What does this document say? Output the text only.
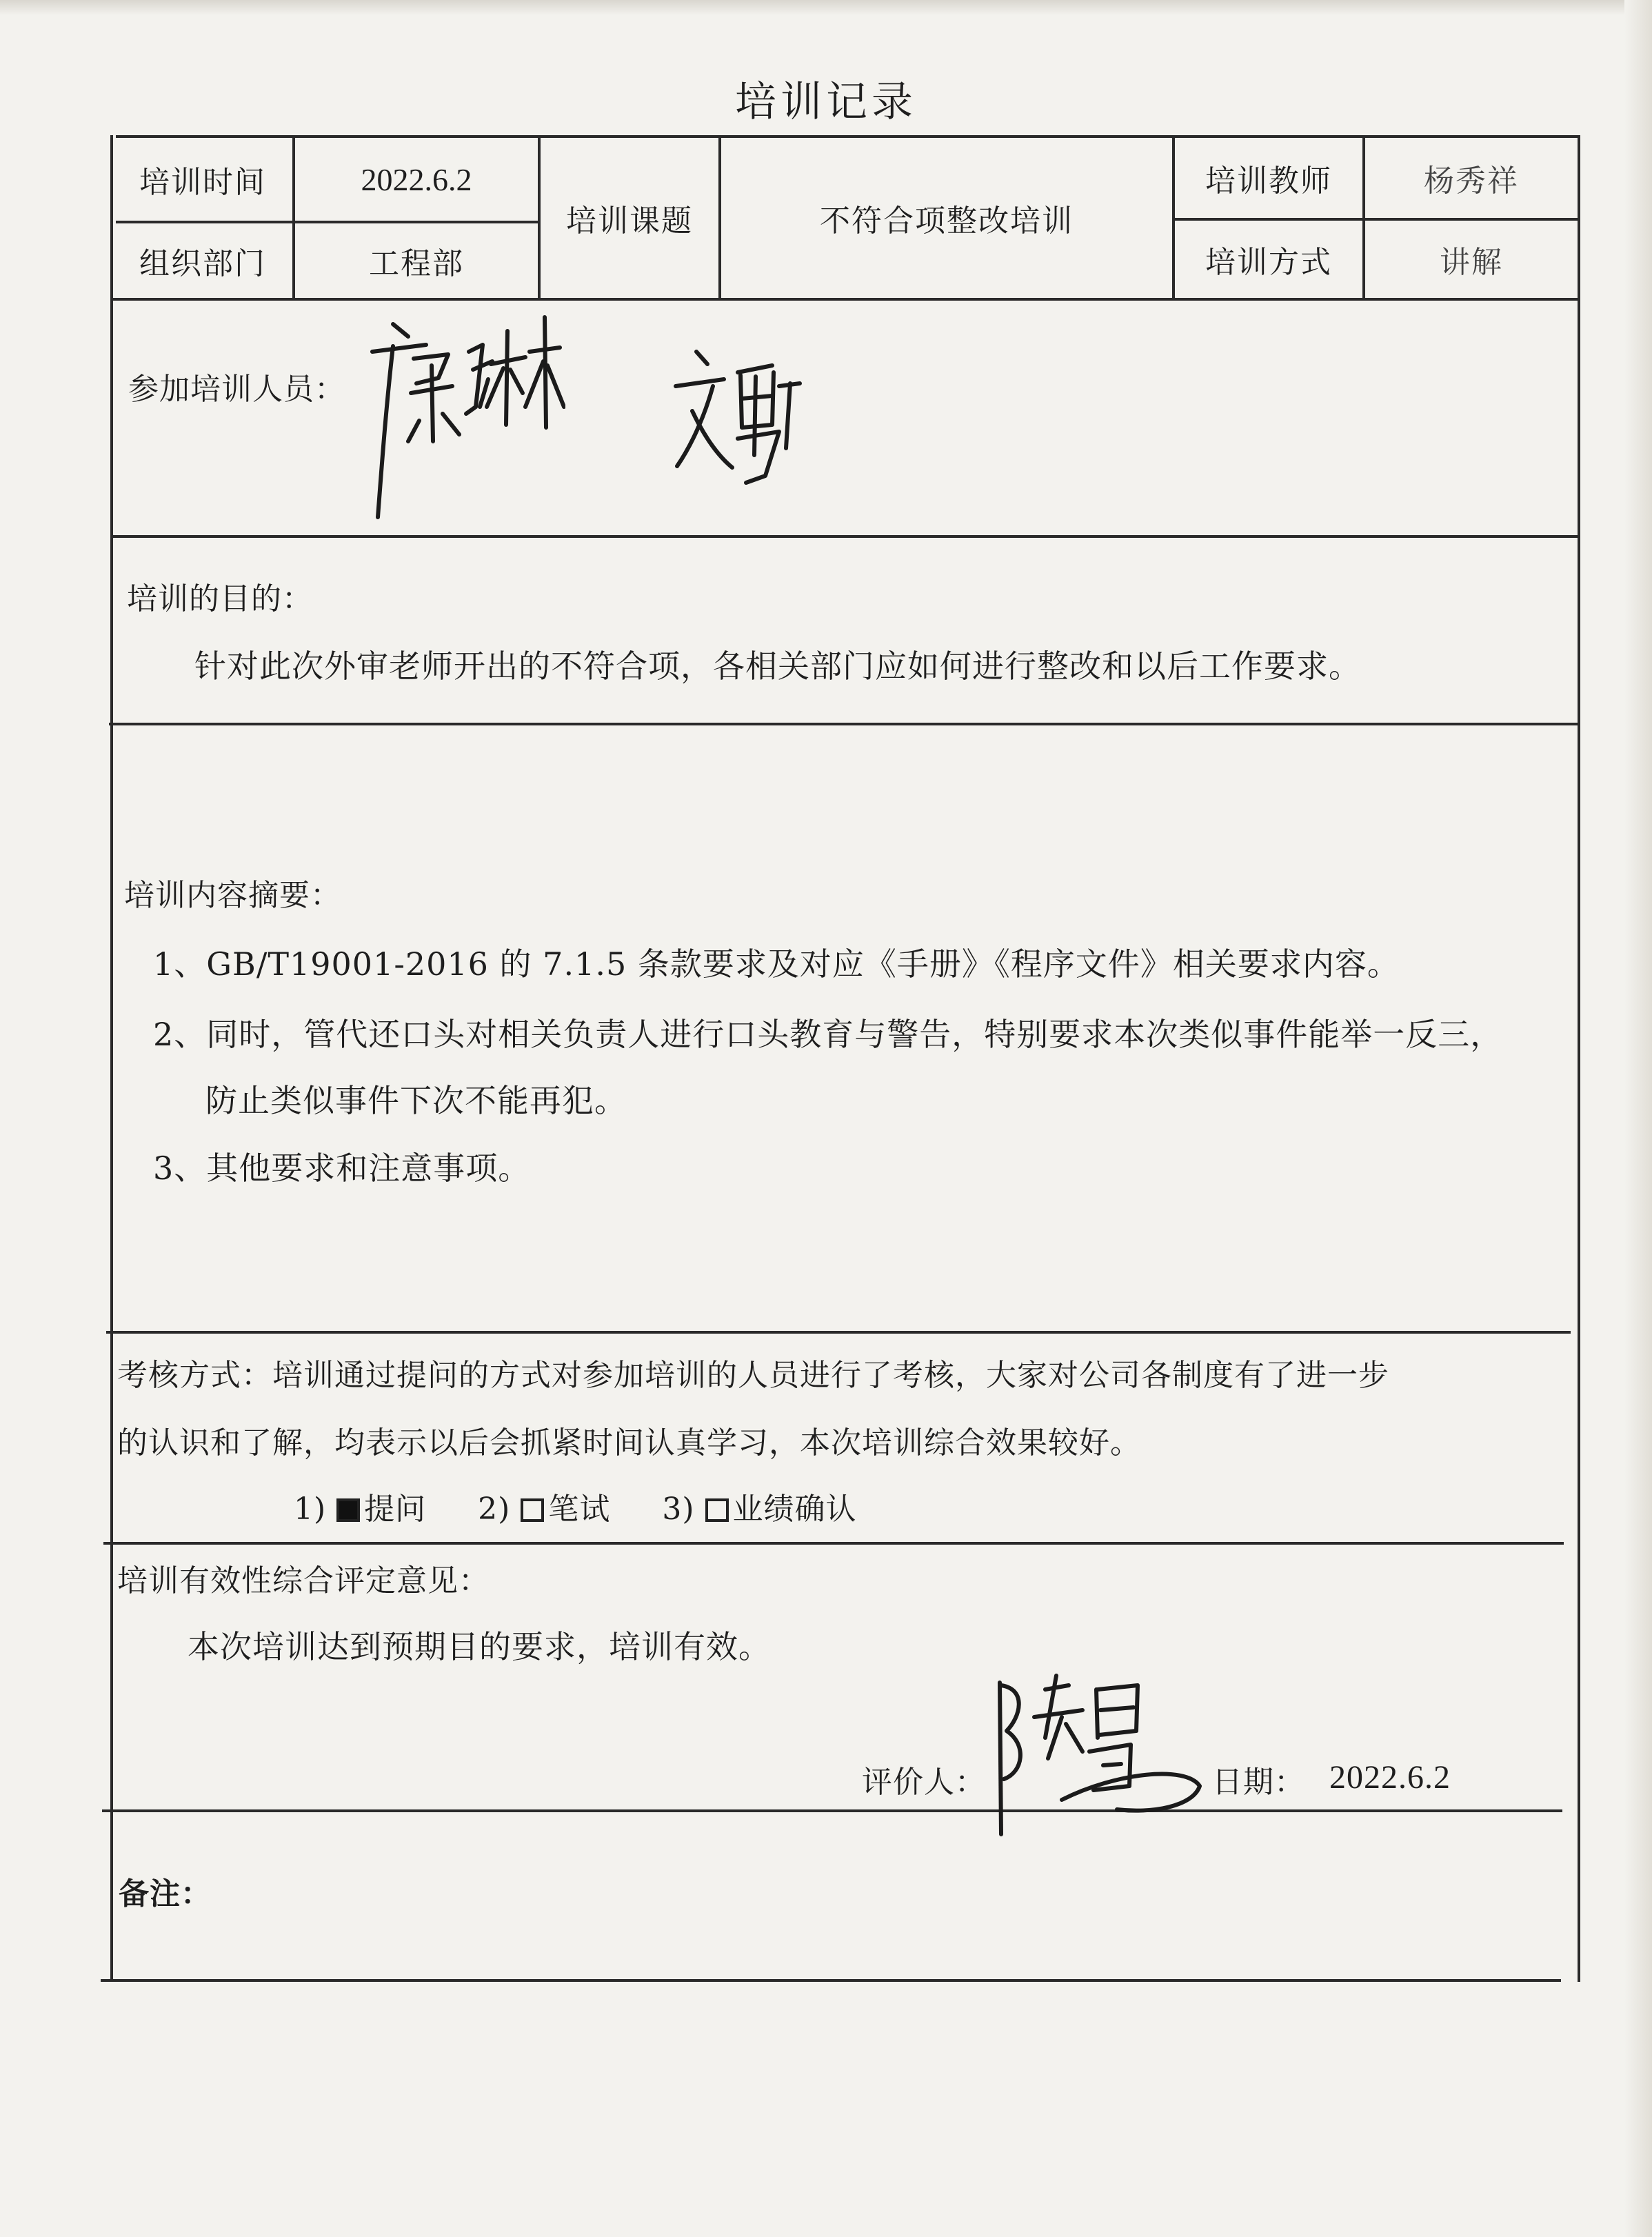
培训记录
培训时间	2022.6.2
组织部门	工程部
培训课题	不符合项整改培训
培训教师	杨秀祥
培训方式	讲解
参加培训人员：
培训的目的：
针对此次外审老师开出的不符合项，各相关部门应如何进行整改和以后工作要求。
培训内容摘要：
1、GB/T19001-2016 的 7.1.5 条款要求及对应《手册》《程序文件》相关要求内容。
2、同时，管代还口头对相关负责人进行口头教育与警告，特别要求本次类似事件能举一反三，
防止类似事件下次不能再犯。
3、其他要求和注意事项。
考核方式：培训通过提问的方式对参加培训的人员进行了考核，大家对公司各制度有了进一步
的认识和了解，均表示以后会抓紧时间认真学习，本次培训综合效果较好。
1) 提问 2) 笔试 3) 业绩确认
培训有效性综合评定意见：
本次培训达到预期目的要求，培训有效。
评价人：	日期： 2022.6.2
备注：
